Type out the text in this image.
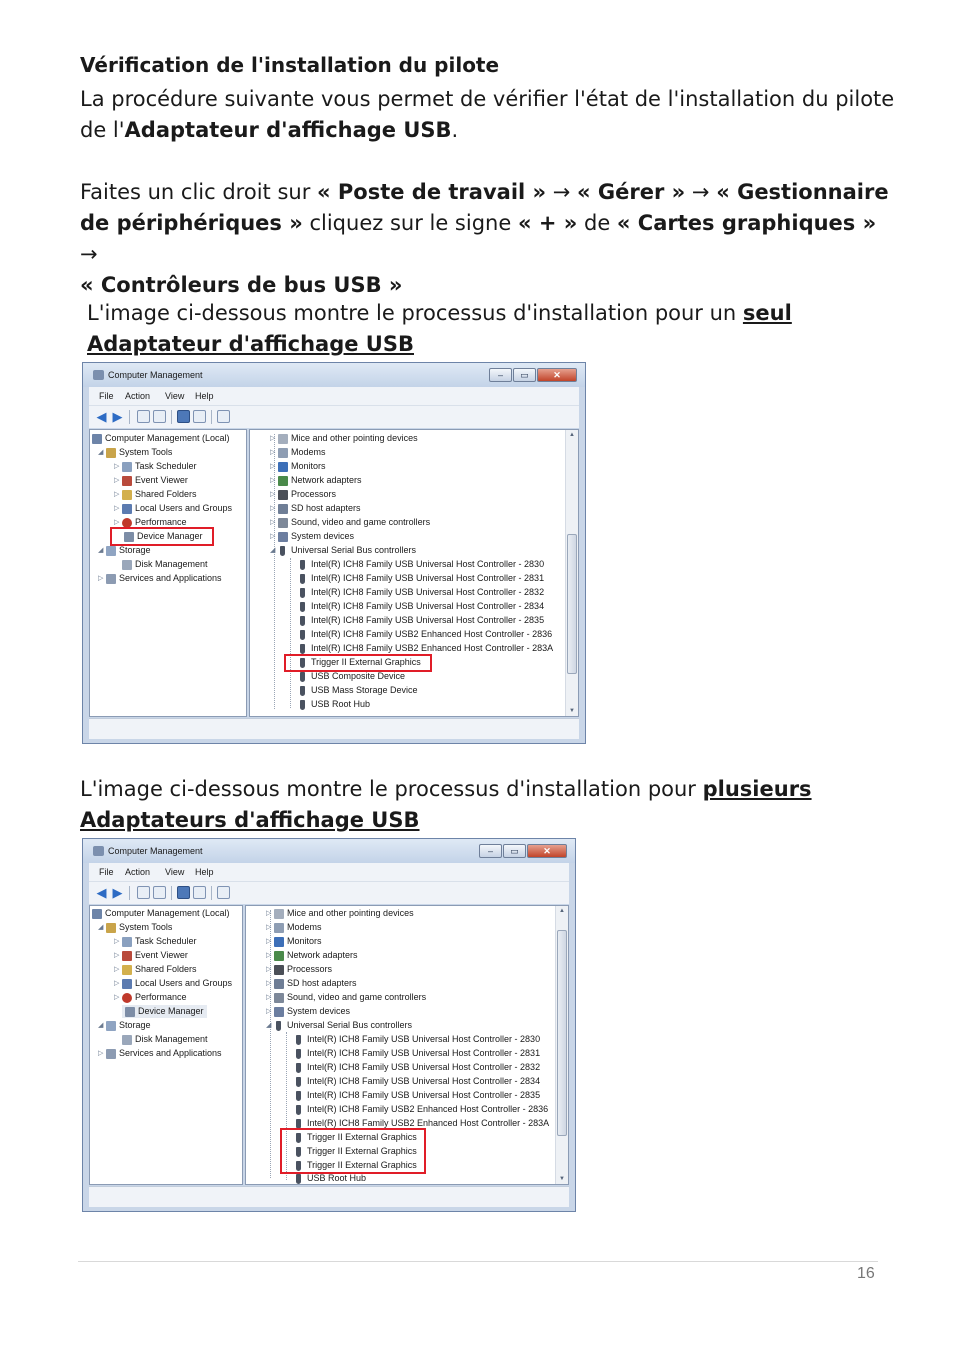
Vérification de l'installation du pilote
La procédure suivante vous permet de vérifier l'état de l'installation du pilote de l'Adaptateur d'affichage USB.
Faites un clic droit sur « Poste de travail » → « Gérer » → « Gestionnaire de périphériques » cliquez sur le signe « + » de « Cartes graphiques » →
« Contrôleurs de bus USB »
L'image ci-dessous montre le processus d'installation pour un seul Adaptateur d'affichage USB
Computer Management	–	▭	✕
File Action View Help
◀ ▶
Computer Management (Local)
◢ System Tools
▷ Task Scheduler
▷ Event Viewer
▷ Shared Folders
▷ Local Users and Groups
▷ Performance
Device Manager
◢ Storage
Disk Management
▷ Services and Applications
▷ Mice and other pointing devices
▷ Modems
▷ Monitors
▷ Network adapters
▷ Processors
▷ SD host adapters
▷ Sound, video and game controllers
▷ System devices
◢ Universal Serial Bus controllers
Intel(R) ICH8 Family USB Universal Host Controller - 2830
Intel(R) ICH8 Family USB Universal Host Controller - 2831
Intel(R) ICH8 Family USB Universal Host Controller - 2832
Intel(R) ICH8 Family USB Universal Host Controller - 2834
Intel(R) ICH8 Family USB Universal Host Controller - 2835
Intel(R) ICH8 Family USB2 Enhanced Host Controller - 2836
Intel(R) ICH8 Family USB2 Enhanced Host Controller - 283A
Trigger II External Graphics
USB Composite Device
USB Mass Storage Device
USB Root Hub
▲
▼
L'image ci-dessous montre le processus d'installation pour plusieurs Adaptateurs d'affichage USB
Computer Management	–	▭	✕
File Action View Help
◀ ▶
Computer Management (Local)
◢ System Tools
▷ Task Scheduler
▷ Event Viewer
▷ Shared Folders
▷ Local Users and Groups
▷ Performance
Device Manager
◢ Storage
Disk Management
▷ Services and Applications
▷ Mice and other pointing devices
▷ Modems
▷ Monitors
▷ Network adapters
▷ Processors
▷ SD host adapters
▷ Sound, video and game controllers
▷ System devices
◢ Universal Serial Bus controllers
Intel(R) ICH8 Family USB Universal Host Controller - 2830
Intel(R) ICH8 Family USB Universal Host Controller - 2831
Intel(R) ICH8 Family USB Universal Host Controller - 2832
Intel(R) ICH8 Family USB Universal Host Controller - 2834
Intel(R) ICH8 Family USB Universal Host Controller - 2835
Intel(R) ICH8 Family USB2 Enhanced Host Controller - 2836
Intel(R) ICH8 Family USB2 Enhanced Host Controller - 283A
Trigger II External Graphics
Trigger II External Graphics
Trigger II External Graphics
USB Root Hub
▲
▼
16
